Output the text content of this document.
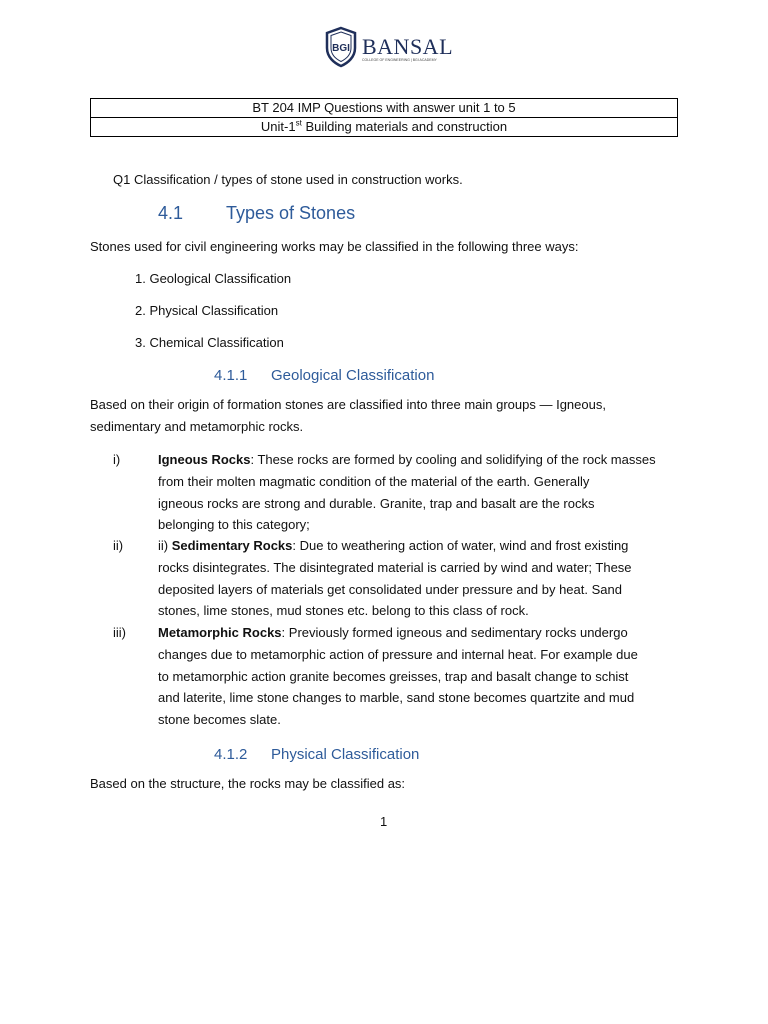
BGI BANSAL
COLLEGE OF ENGINEERING | BGI ACADEMY
BT 204 IMP Questions with answer unit 1 to 5
Unit-1st Building materials and construction
Q1 Classification / types of stone used in construction works.
4.1 Types of Stones
Stones used for civil engineering works may be classified in the following three ways:
1. Geological Classification
2. Physical Classification
3. Chemical Classification
4.1.1 Geological Classification
Based on their origin of formation stones are classified into three main groups — Igneous,
sedimentary and metamorphic rocks.
i)	Igneous Rocks: These rocks are formed by cooling and solidifying of the rock masses
from their molten magmatic condition of the material of the earth. Generally
igneous rocks are strong and durable. Granite, trap and basalt are the rocks
belonging to this category;
ii)	ii) Sedimentary Rocks: Due to weathering action of water, wind and frost existing
rocks disintegrates. The disintegrated material is carried by wind and water; These
deposited layers of materials get consolidated under pressure and by heat. Sand
stones, lime stones, mud stones etc. belong to this class of rock.
iii) Metamorphic Rocks: Previously formed igneous and sedimentary rocks undergo
changes due to metamorphic action of pressure and internal heat. For example due
to metamorphic action granite becomes greisses, trap and basalt change to schist
and laterite, lime stone changes to marble, sand stone becomes quartzite and mud
stone becomes slate.
4.1.2 Physical Classification
Based on the structure, the rocks may be classified as:
1
